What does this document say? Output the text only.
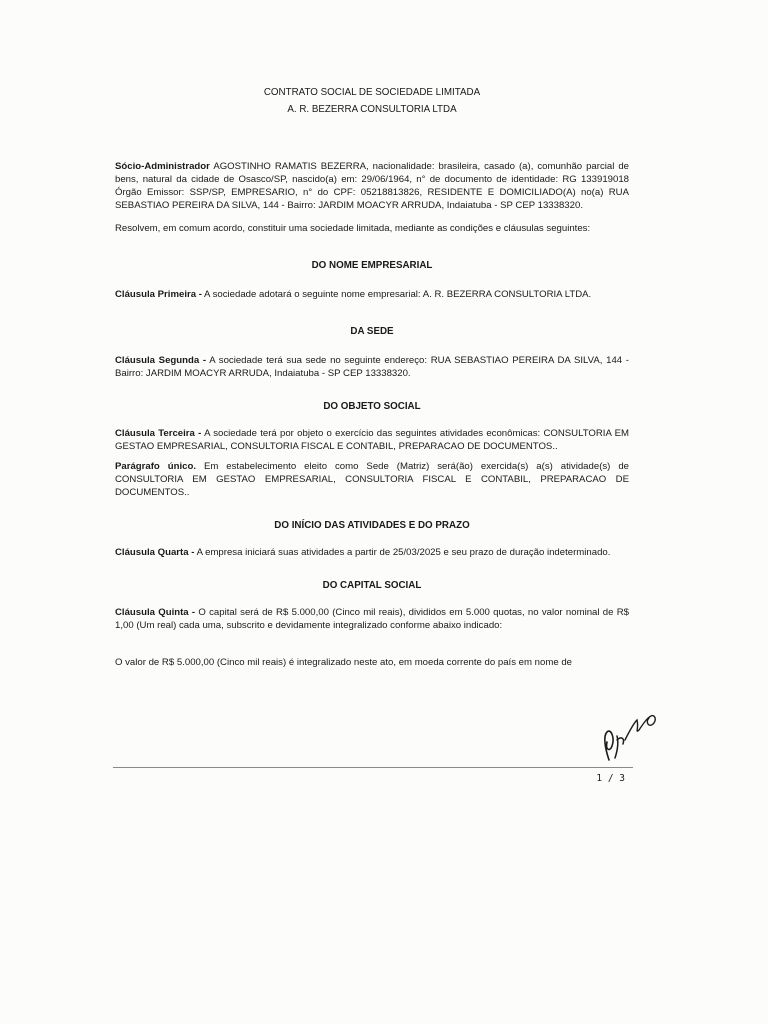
CONTRATO SOCIAL DE SOCIEDADE LIMITADA

A. R. BEZERRA CONSULTORIA LTDA

Sócio-Administrador AGOSTINHO RAMATIS BEZERRA, nacionalidade: brasileira, casado (a), comunhão parcial de bens, natural da cidade de Osasco/SP, nascido(a) em: 29/06/1964, n° de documento de identidade: RG 133919018 Órgão Emissor: SSP/SP, EMPRESARIO, n° do CPF: 05218813826, RESIDENTE E DOMICILIADO(A) no(a) RUA SEBASTIAO PEREIRA DA SILVA, 144 - Bairro: JARDIM MOACYR ARRUDA, Indaiatuba - SP CEP 13338320.

Resolvem, em comum acordo, constituir uma sociedade limitada, mediante as condições e cláusulas seguintes:

DO NOME EMPRESARIAL

Cláusula Primeira - A sociedade adotará o seguinte nome empresarial: A. R. BEZERRA CONSULTORIA LTDA.

DA SEDE

Cláusula Segunda - A sociedade terá sua sede no seguinte endereço: RUA SEBASTIAO PEREIRA DA SILVA, 144 - Bairro: JARDIM MOACYR ARRUDA, Indaiatuba - SP CEP 13338320.

DO OBJETO SOCIAL

Cláusula Terceira - A sociedade terá por objeto o exercício das seguintes atividades econômicas: CONSULTORIA EM GESTAO EMPRESARIAL, CONSULTORIA FISCAL E CONTABIL, PREPARACAO DE DOCUMENTOS..

Parágrafo único. Em estabelecimento eleito como Sede (Matriz) será(ão) exercida(s) a(s) atividade(s) de CONSULTORIA EM GESTAO EMPRESARIAL, CONSULTORIA FISCAL E CONTABIL, PREPARACAO DE DOCUMENTOS..

DO INÍCIO DAS ATIVIDADES E DO PRAZO

Cláusula Quarta - A empresa iniciará suas atividades a partir de 25/03/2025 e seu prazo de duração indeterminado.

DO CAPITAL SOCIAL

Cláusula Quinta - O capital será de R$ 5.000,00 (Cinco mil reais), divididos em 5.000 quotas, no valor nominal de R$ 1,00 (Um real) cada uma, subscrito e devidamente integralizado conforme abaixo indicado:

O valor de R$ 5.000,00 (Cinco mil reais) é integralizado neste ato, em moeda corrente do país em nome de

1 / 3
